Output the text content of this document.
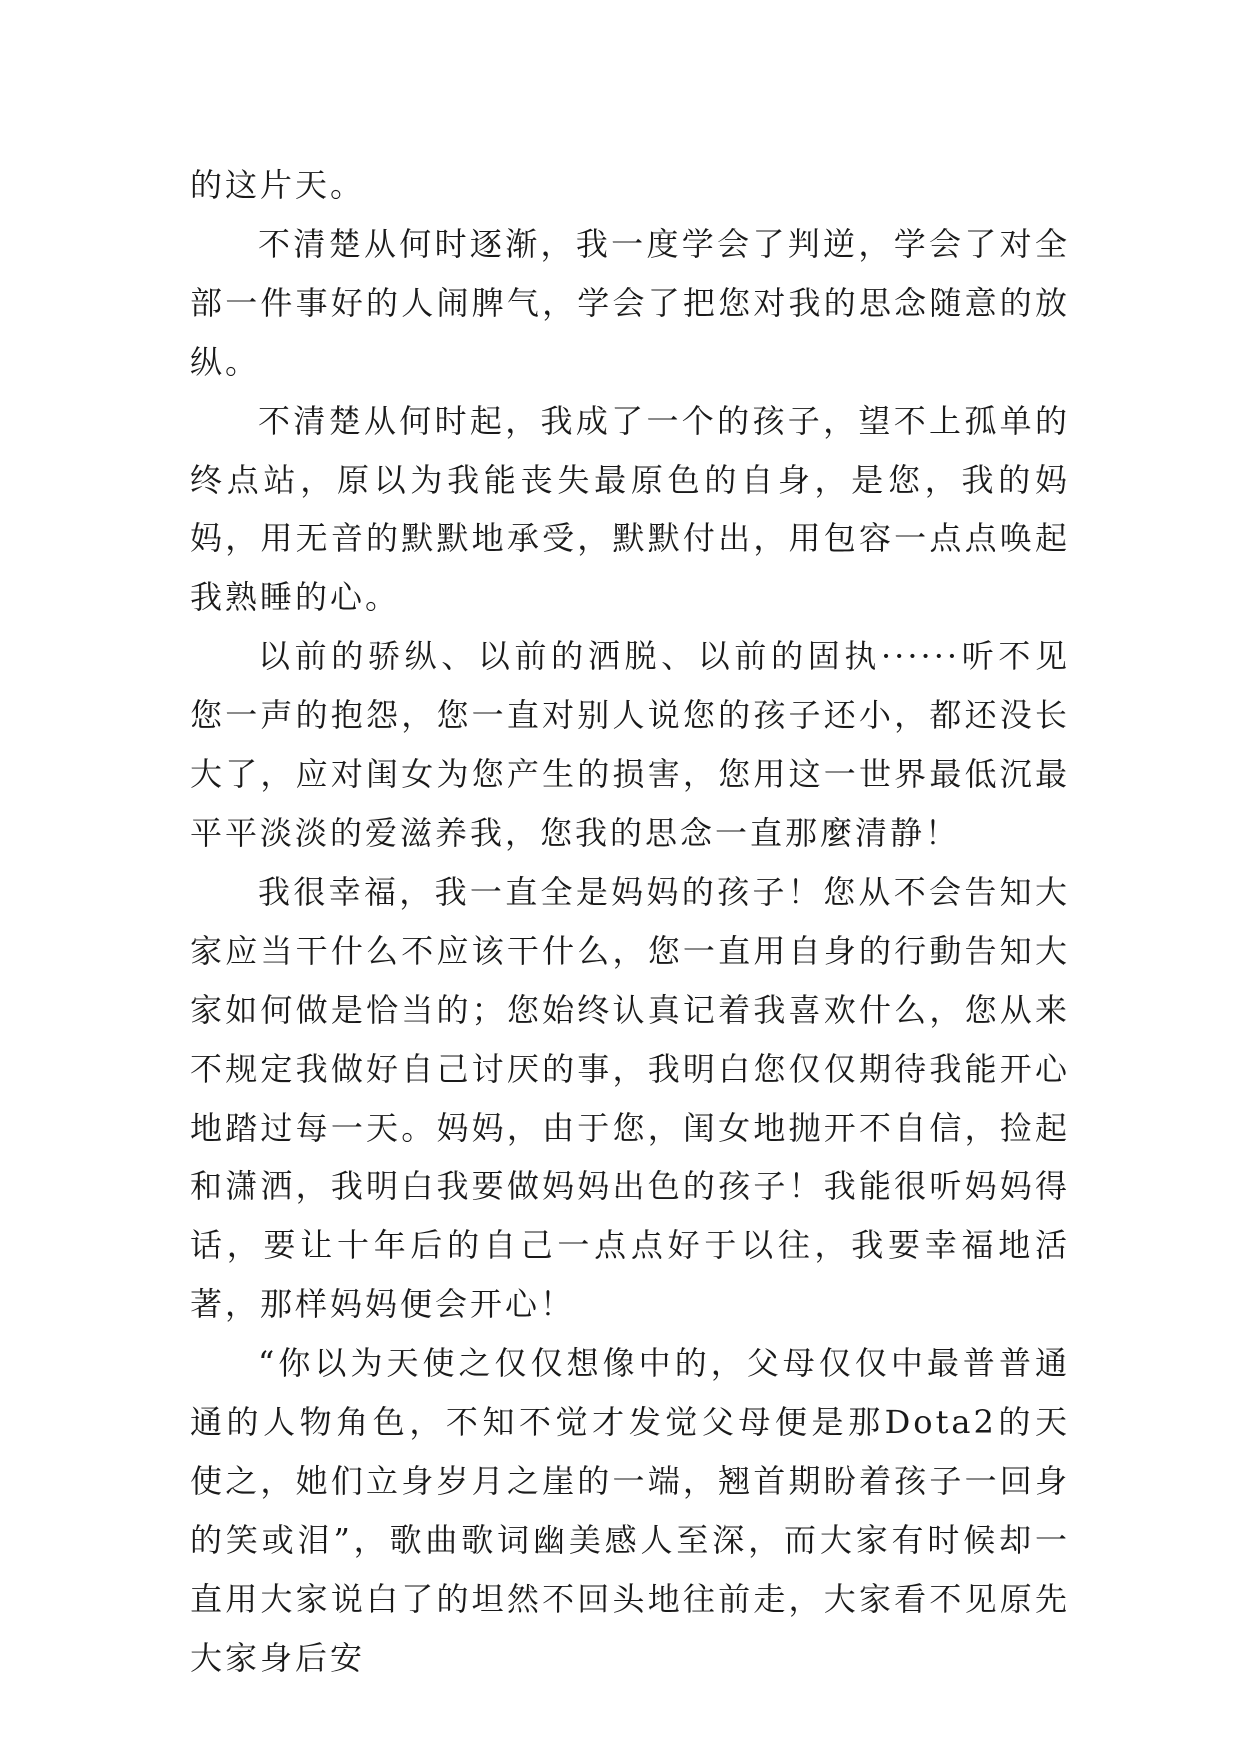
的这片天。

不清楚从何时逐渐，我一度学会了判逆，学会了对全部一件事好的人闹脾气，学会了把您对我的思念随意的放纵。

不清楚从何时起，我成了一个的孩子，望不上孤单的终点站，原以为我能丧失最原色的自身，是您，我的妈妈，用无音的默默地承受，默默付出，用包容一点点唤起我熟睡的心。

以前的骄纵、以前的洒脱、以前的固执······听不见您一声的抱怨，您一直对别人说您的孩子还小，都还没长大了，应对闺女为您产生的损害，您用这一世界最低沉最平平淡淡的爱滋养我，您我的思念一直那麼清静！

我很幸福，我一直全是妈妈的孩子！您从不会告知大家应当干什么不应该干什么，您一直用自身的行動告知大家如何做是恰当的；您始终认真记着我喜欢什么，您从来不规定我做好自己讨厌的事，我明白您仅仅期待我能开心地踏过每一天。妈妈，由于您，闺女地抛开不自信，捡起和潇洒，我明白我要做妈妈出色的孩子！我能很听妈妈得话，要让十年后的自己一点点好于以往，我要幸福地活著，那样妈妈便会开心！

“你以为天使之仅仅想像中的，父母仅仅中最普普通通的人物角色，不知不觉才发觉父母便是那Dota2的天使之，她们立身岁月之崖的一端，翘首期盼着孩子一回身的笑或泪”，歌曲歌词幽美感人至深，而大家有时候却一直用大家说白了的坦然不回头地往前走，大家看不见原先大家身后安
